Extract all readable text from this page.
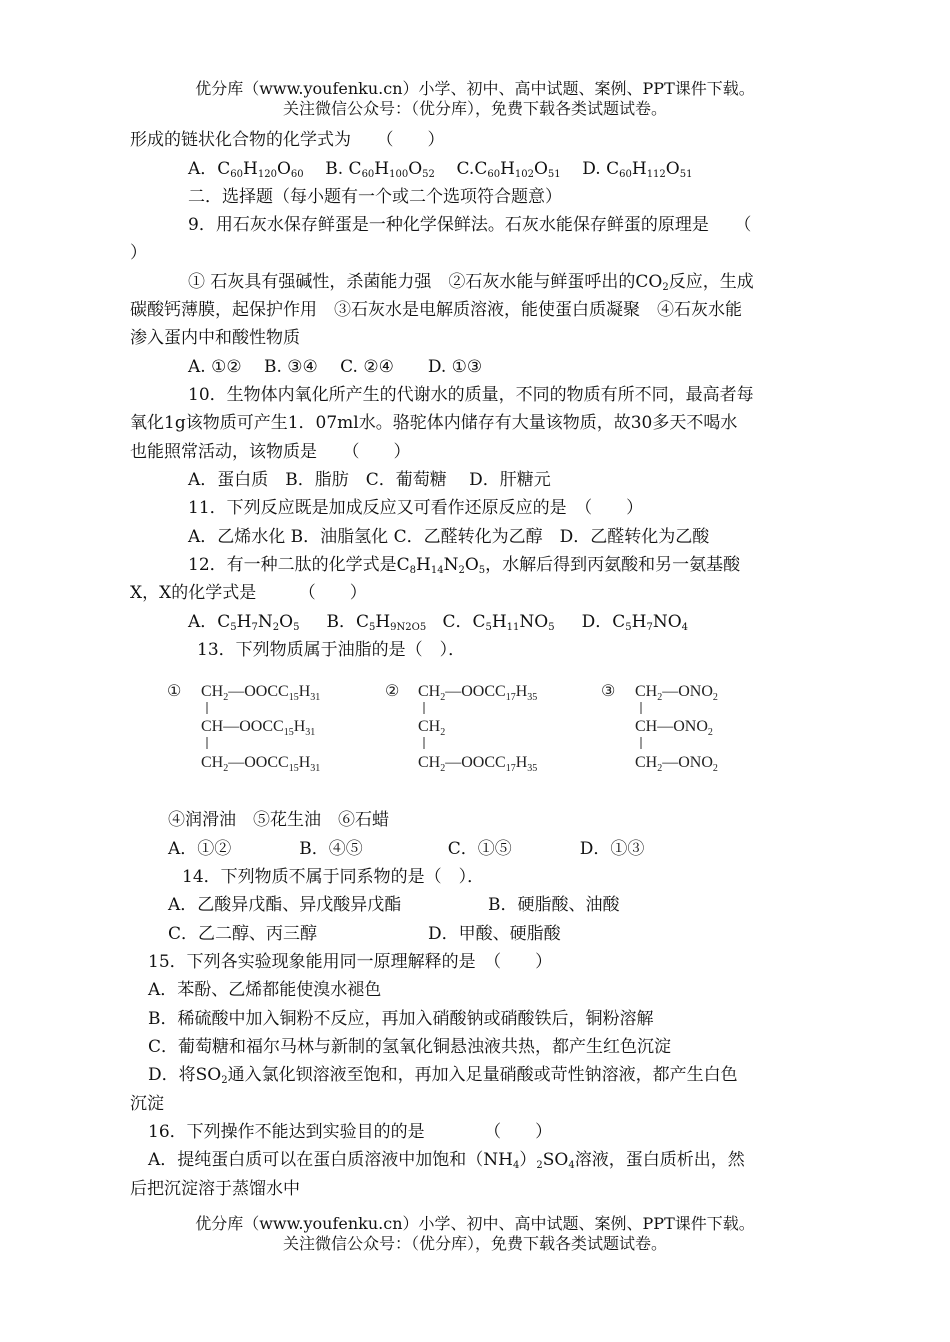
优分库（www.youfenku.cn）小学、初中、高中试题、案例、PPT课件下载。
关注微信公众号：（优分库），免费下载各类试题试卷。
形成的链状化合物的化学式为　　（　　）
A．$C_{60}H_{120}O_{60}$ B. $C_{60}H_{100}O_{52}$ $C.C_{60}H_{102}O_{51}$ D. $C_{60}H_{112}O_{51}$
二．选择题（每小题有一个或二个选项符合题意）
9．用石灰水保存鲜蛋是一种化学保鲜法。石灰水能保存鲜蛋的原理是　　（
）
① 石灰具有强碱性，杀菌能力强　②石灰水能与鲜蛋呼出的$CO_2$反应，生成
碳酸钙薄膜，起保护作用　③石灰水是电解质溶液，能使蛋白质凝聚　④石灰水能
渗入蛋内中和酸性物质
A. ①②　 B. ③④　 C. ②④　　D. ①③
10．生物体内氧化所产生的代谢水的质量，不同的物质有所不同，最高者每
氧化1g该物质可产生1．07ml水。骆驼体内储存有大量该物质，故30多天不喝水
也能照常活动，该物质是　　（　　）
A．蛋白质　B．脂肪　C．葡萄糖　 D．肝糖元
11．下列反应既是加成反应又可看作还原反应的是　（　　）
A．乙烯水化 B．油脂氢化 C．乙醛转化为乙醇　D．乙醛转化为乙酸
12．有一种二肽的化学式是$C_8H_{14}N_2O_5$，水解后得到丙氨酸和另一氨基酸
X，X的化学式是　　　（　　）
A．$C_5H_7N_2O_5$ B．$C_5H_{9N2O5}$ C．$C_5H_{11}NO_5$ D．$C_5H_7NO_4$
13．下列物质属于油脂的是（　）．
① $CH_2—OOCC_{15}H_{31}$
$CH—OOCC_{15}H_{31}$
$CH_2—OOCC_{15}H_{31}$
② $CH_2—OOCC_{17}H_{35}$
$CH_2$
$CH_2—OOCC_{17}H_{35}$
③ $CH_2—ONO_2$
$CH—ONO_2$
$CH_2—ONO_2$
④润滑油　⑤花生油　⑥石蜡
A．①②　　　　B．④⑤　　　　　C．①⑤　　　　D．①③
14．下列物质不属于同系物的是（　）．
A．乙酸异戊酯、异戊酸异戊酯	B．硬脂酸、油酸
C．乙二醇、丙三醇	D．甲酸、硬脂酸
15．下列各实验现象能用同一原理解释的是　（　　）
A．苯酚、乙烯都能使溴水褪色
B．稀硫酸中加入铜粉不反应，再加入硝酸钠或硝酸铁后，铜粉溶解
C．葡萄糖和福尔马林与新制的氢氧化铜悬浊液共热，都产生红色沉淀
D．将$SO_2$通入氯化钡溶液至饱和，再加入足量硝酸或苛性钠溶液，都产生白色
沉淀
16．下列操作不能达到实验目的的是　　　　（　　）
A．提纯蛋白质可以在蛋白质溶液中加饱和$(NH_4)_2SO_4$溶液，蛋白质析出，然
后把沉淀溶于蒸馏水中
优分库（www.youfenku.cn）小学、初中、高中试题、案例、PPT课件下载。
关注微信公众号：（优分库），免费下载各类试题试卷。
